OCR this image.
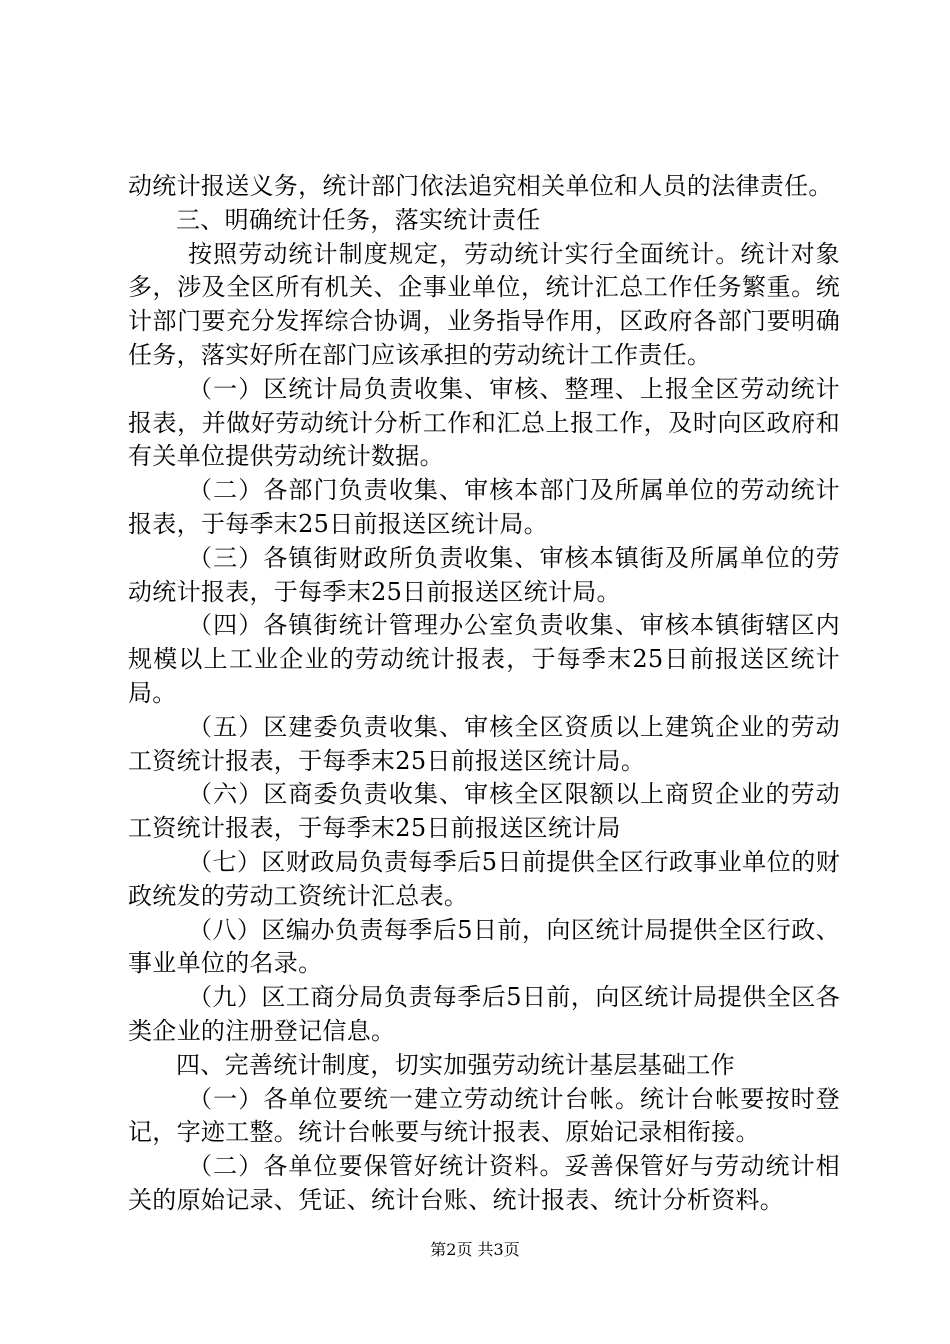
动统计报送义务，统计部门依法追究相关单位和人员的法律责任。

三、明确统计任务，落实统计责任

按照劳动统计制度规定，劳动统计实行全面统计。统计对象多，涉及全区所有机关、企事业单位，统计汇总工作任务繁重。统计部门要充分发挥综合协调，业务指导作用，区政府各部门要明确任务，落实好所在部门应该承担的劳动统计工作责任。

（一）区统计局负责收集、审核、整理、上报全区劳动统计报表，并做好劳动统计分析工作和汇总上报工作，及时向区政府和有关单位提供劳动统计数据。

（二）各部门负责收集、审核本部门及所属单位的劳动统计报表，于每季末25日前报送区统计局。

（三）各镇街财政所负责收集、审核本镇街及所属单位的劳动统计报表，于每季末25日前报送区统计局。

（四）各镇街统计管理办公室负责收集、审核本镇街辖区内规模以上工业企业的劳动统计报表，于每季末25日前报送区统计局。

（五）区建委负责收集、审核全区资质以上建筑企业的劳动工资统计报表，于每季末25日前报送区统计局。

（六）区商委负责收集、审核全区限额以上商贸企业的劳动工资统计报表，于每季末25日前报送区统计局

（七）区财政局负责每季后5日前提供全区行政事业单位的财政统发的劳动工资统计汇总表。

（八）区编办负责每季后5日前，向区统计局提供全区行政、事业单位的名录。

（九）区工商分局负责每季后5日前，向区统计局提供全区各类企业的注册登记信息。

四、完善统计制度，切实加强劳动统计基层基础工作

（一）各单位要统一建立劳动统计台帐。统计台帐要按时登记，字迹工整。统计台帐要与统计报表、原始记录相衔接。

（二）各单位要保管好统计资料。妥善保管好与劳动统计相关的原始记录、凭证、统计台账、统计报表、统计分析资料。

第2页 共3页
